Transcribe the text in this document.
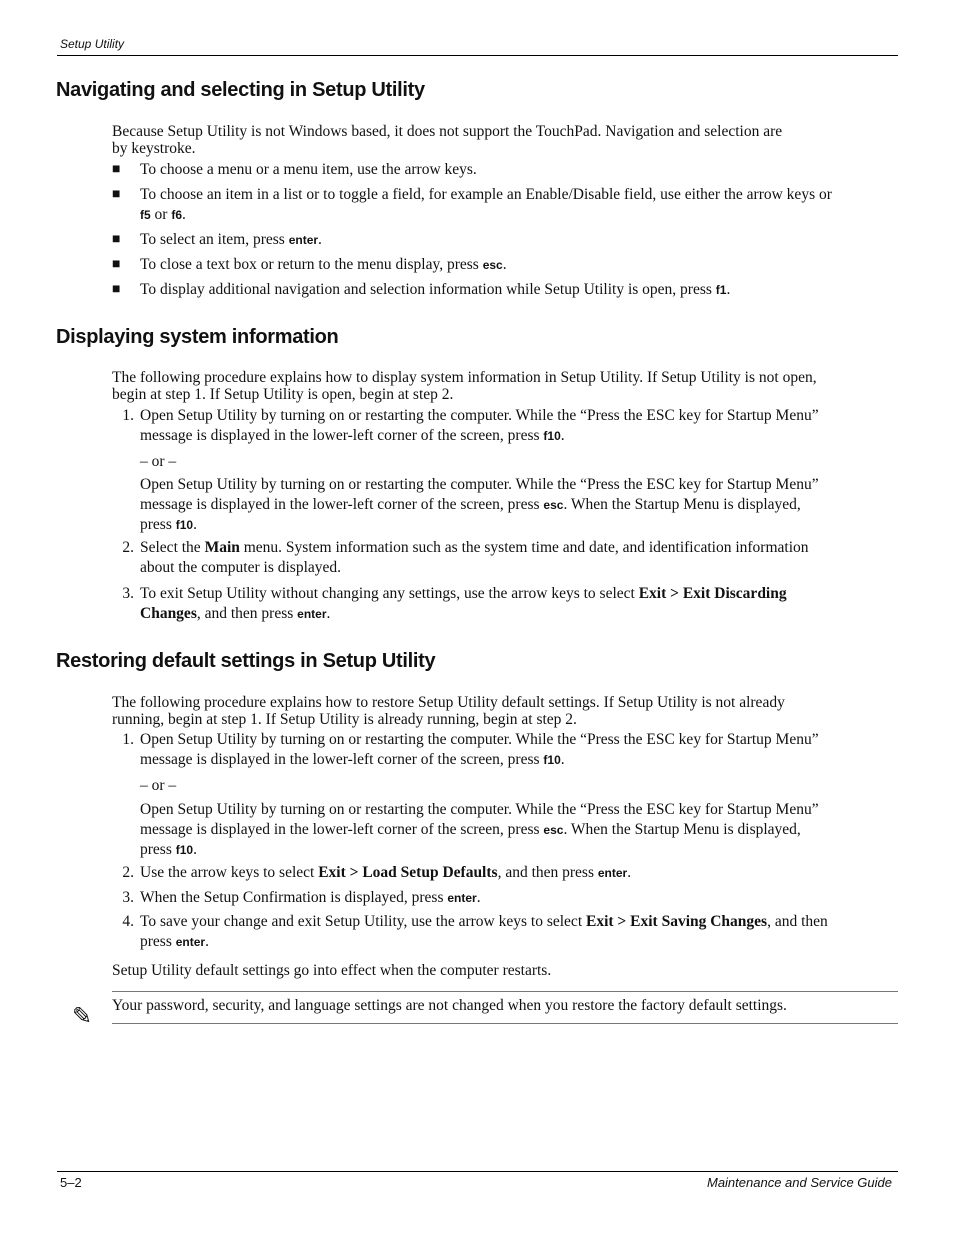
Setup Utility
Navigating and selecting in Setup Utility
Because Setup Utility is not Windows based, it does not support the TouchPad. Navigation and selection are
by keystroke.
■ To choose a menu or a menu item, use the arrow keys.
■ To choose an item in a list or to toggle a field, for example an Enable/Disable field, use either the arrow keys or
f5 or f6.
■ To select an item, press enter.
■ To close a text box or return to the menu display, press esc.
■ To display additional navigation and selection information while Setup Utility is open, press f1.
Displaying system information
The following procedure explains how to display system information in Setup Utility. If Setup Utility is not open,
begin at step 1. If Setup Utility is open, begin at step 2.
1. Open Setup Utility by turning on or restarting the computer. While the “Press the ESC key for Startup Menu”
message is displayed in the lower-left corner of the screen, press f10.
– or –
Open Setup Utility by turning on or restarting the computer. While the “Press the ESC key for Startup Menu”
message is displayed in the lower-left corner of the screen, press esc. When the Startup Menu is displayed,
press f10.
2. Select the Main menu. System information such as the system time and date, and identification information
about the computer is displayed.
3. To exit Setup Utility without changing any settings, use the arrow keys to select Exit > Exit Discarding
Changes, and then press enter.
Restoring default settings in Setup Utility
The following procedure explains how to restore Setup Utility default settings. If Setup Utility is not already
running, begin at step 1. If Setup Utility is already running, begin at step 2.
1. Open Setup Utility by turning on or restarting the computer. While the “Press the ESC key for Startup Menu”
message is displayed in the lower-left corner of the screen, press f10.
– or –
Open Setup Utility by turning on or restarting the computer. While the “Press the ESC key for Startup Menu”
message is displayed in the lower-left corner of the screen, press esc. When the Startup Menu is displayed,
press f10.
2. Use the arrow keys to select Exit > Load Setup Defaults, and then press enter.
3. When the Setup Confirmation is displayed, press enter.
4. To save your change and exit Setup Utility, use the arrow keys to select Exit > Exit Saving Changes, and then
press enter.
Setup Utility default settings go into effect when the computer restarts.
✎ Your password, security, and language settings are not changed when you restore the factory default settings.
5–2	Maintenance and Service Guide
